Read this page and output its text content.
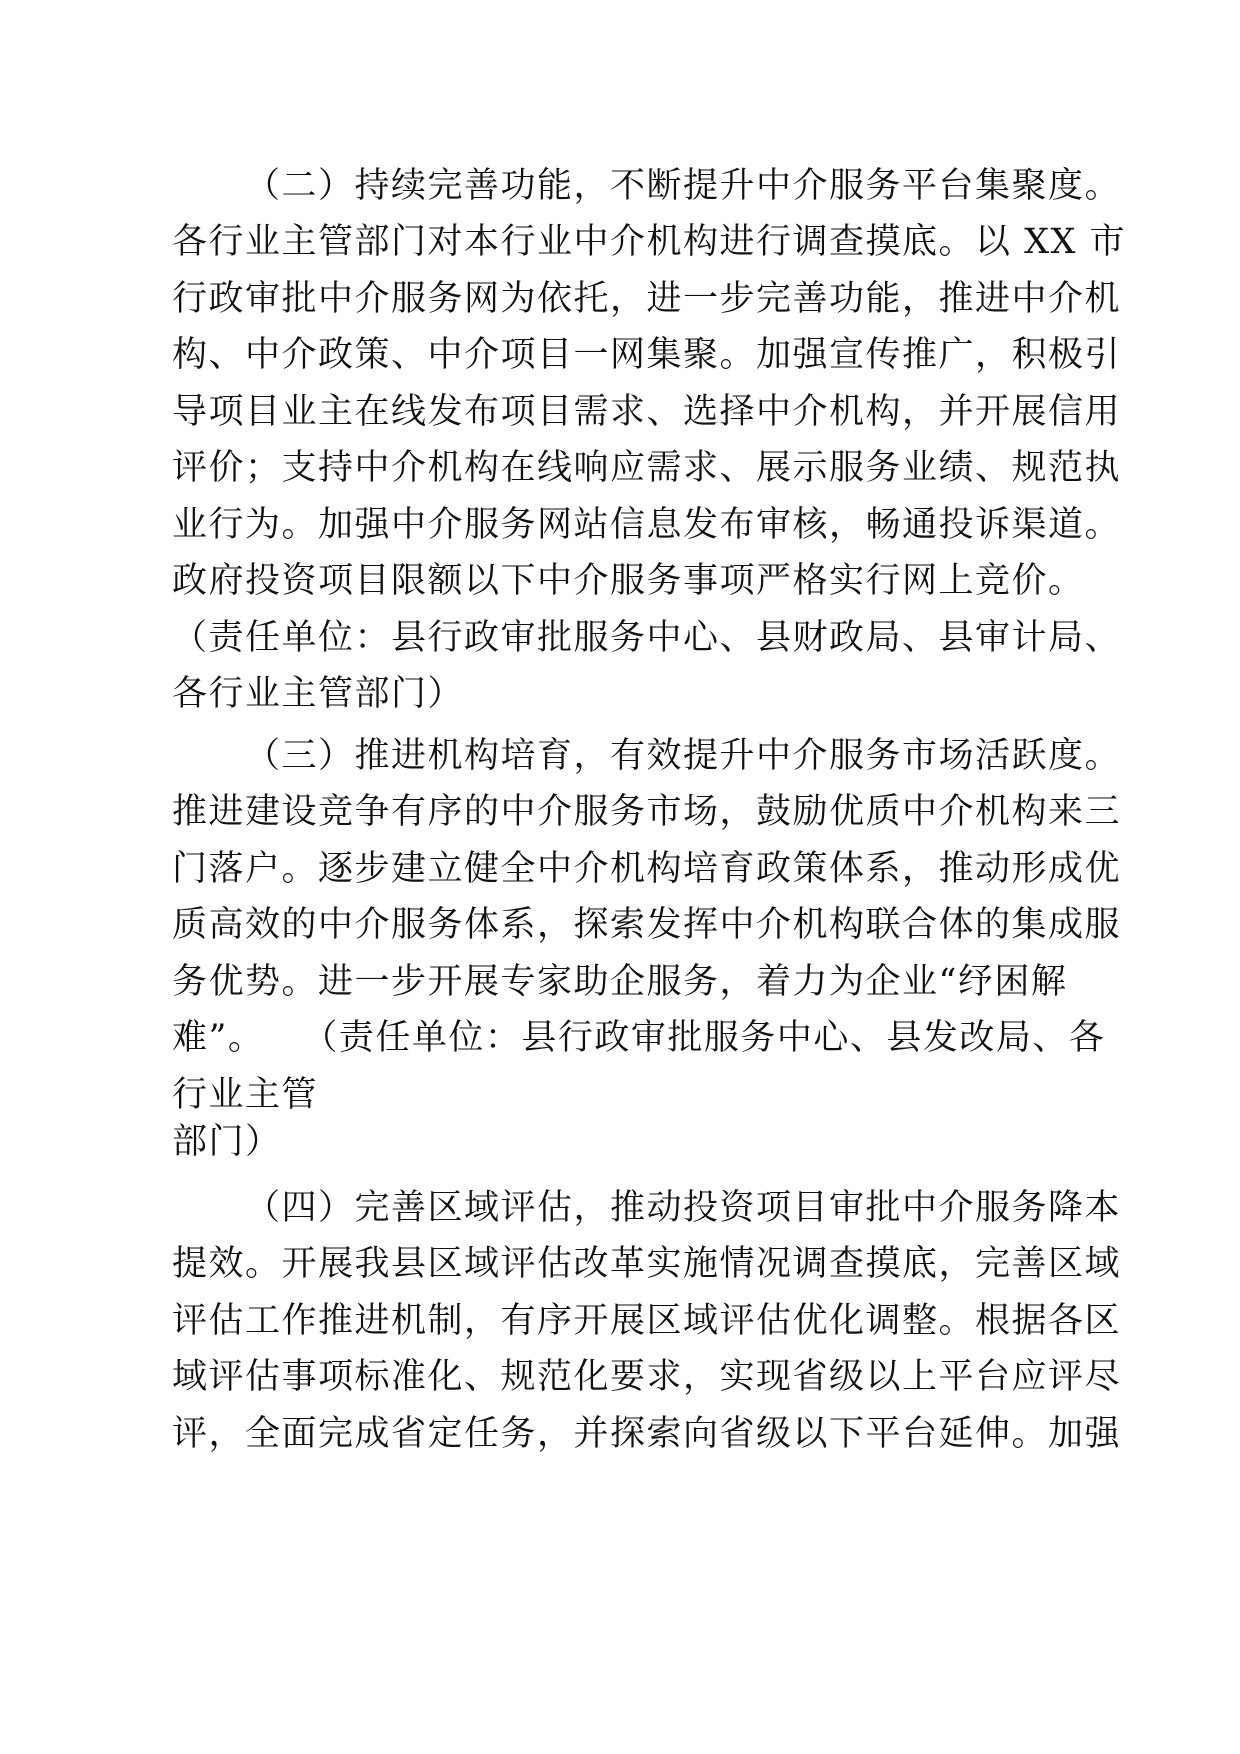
（二）持续完善功能，不断提升中介服务平台集聚度。
各行业主管部门对本行业中介机构进行调查摸底。以 XX 市
行政审批中介服务网为依托，进一步完善功能，推进中介机
构、中介政策、中介项目一网集聚。加强宣传推广，积极引
导项目业主在线发布项目需求、选择中介机构，并开展信用
评价；支持中介机构在线响应需求、展示服务业绩、规范执
业行为。加强中介服务网站信息发布审核，畅通投诉渠道。
政府投资项目限额以下中介服务事项严格实行网上竞价。
（责任单位：县行政审批服务中心、县财政局、县审计局、
各行业主管部门）
（三）推进机构培育，有效提升中介服务市场活跃度。
推进建设竞争有序的中介服务市场，鼓励优质中介机构来三
门落户。逐步建立健全中介机构培育政策体系，推动形成优
质高效的中介服务体系，探索发挥中介机构联合体的集成服
务优势。进一步开展专家助企服务，着力为企业“纾困解
难”。　　（责任单位：县行政审批服务中心、县发改局、各
行业主管
部门）
（四）完善区域评估，推动投资项目审批中介服务降本
提效。开展我县区域评估改革实施情况调查摸底，完善区域
评估工作推进机制，有序开展区域评估优化调整。根据各区
域评估事项标准化、规范化要求，实现省级以上平台应评尽
评，全面完成省定任务，并探索向省级以下平台延伸。加强
